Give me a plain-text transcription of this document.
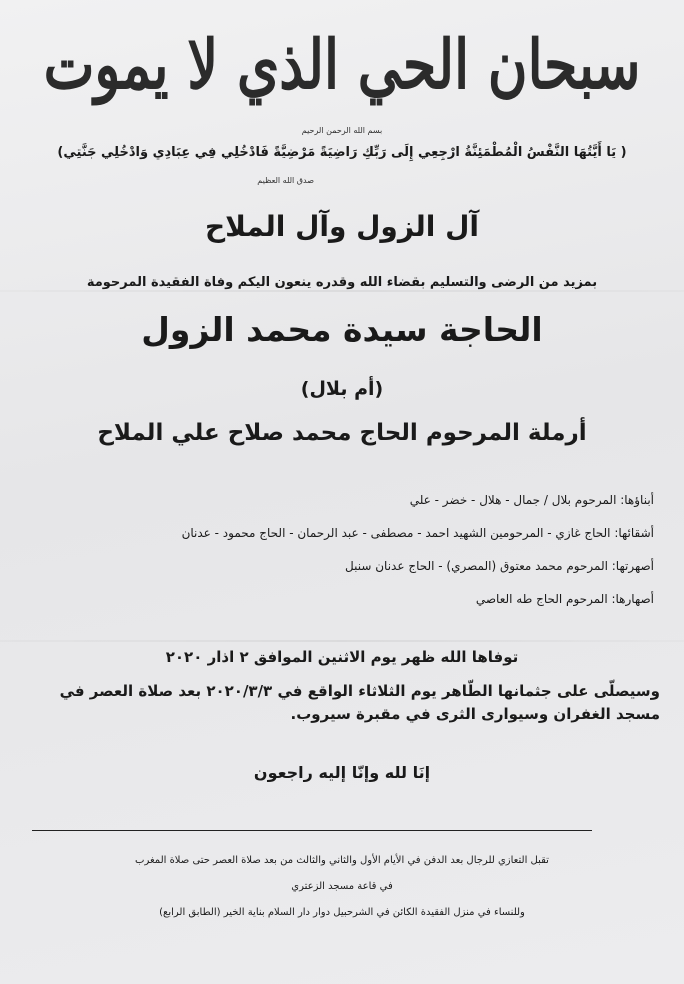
سبحان الحي الذي لا يموت
بسم الله الرحمن الرحيم
( يَا أَيَّتُهَا النَّفْسُ الْمُطْمَئِنَّةُ ارْجِعِي إِلَى رَبِّكِ رَاضِيَةً مَرْضِيَّةً فَادْخُلِي فِي عِبَادِي وَادْخُلِي جَنَّتِي)
صدق الله العظيم
آل الزول وآل الملاح
بمزيد من الرضى والتسليم بقضاء الله وقدره ينعون اليكم وفاة الفقيدة المرحومة
الحاجة سيدة محمد الزول
(أم بلال)
أرملة المرحوم الحاج محمد صلاح علي الملاح
أبناؤها: المرحوم بلال / جمال - هلال - خضر - علي
أشقائها: الحاج غازي - المرحومين الشهيد احمد - مصطفى - عبد الرحمان - الحاج محمود - عدنان
أصهرتها: المرحوم محمد معتوق (المصري) - الحاج عدنان سنبل
أصهارها: المرحوم الحاج طه العاصي
توفاها الله ظهر يوم الاثنين الموافق ٢ اذار ٢٠٢٠
وسيصلّى على جثمانها الطّاهر يوم الثلاثاء الواقع في ٢٠٢٠/٣/٣ بعد صلاة العصر في مسجد الغفران وسيوارى الثرى في مقبرة سيروب.
إنَا لله وإنّا إليه راجعون
تقبل التعازي للرجال بعد الدفن في الأيام الأول والثاني والثالث من بعد صلاة العصر حتى صلاة المغرب
في قاعة مسجد الزعتري
وللنساء في منزل الفقيدة الكائن في الشرحبيل دوار دار السلام بناية الخير (الطابق الرابع)
